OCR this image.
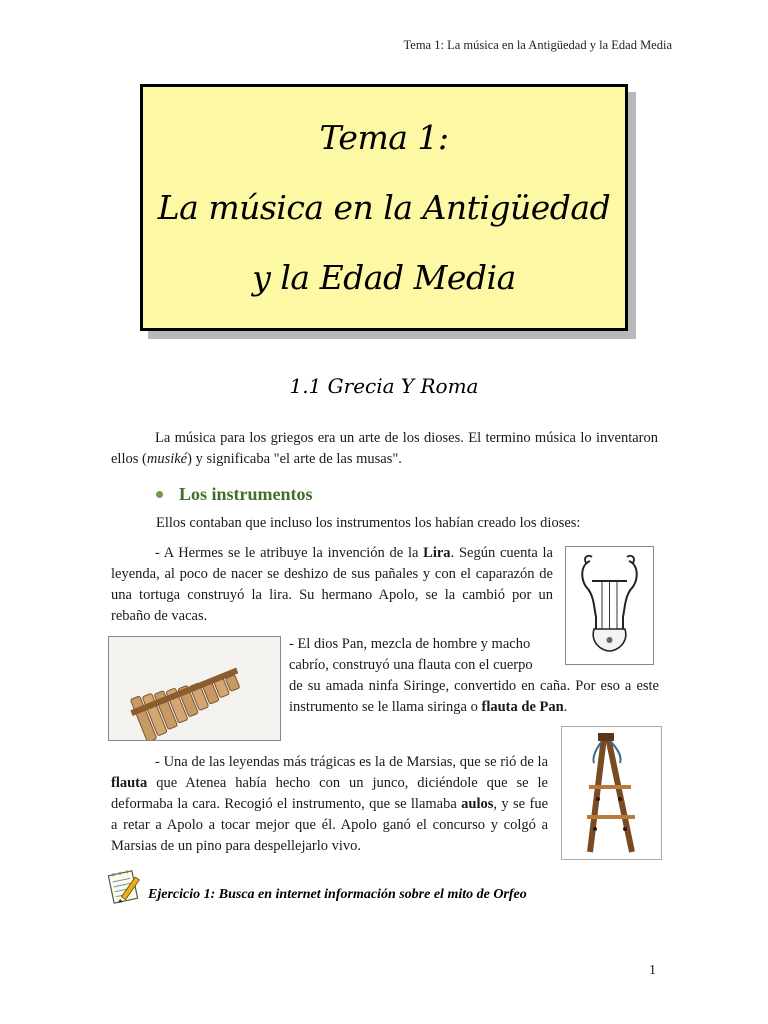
Tema 1: La música en la Antigüedad y la Edad Media
Tema 1:
La música en la Antigüedad
y la Edad Media
1.1 Grecia Y Roma
La música para los griegos era un arte de los dioses. El termino música lo inventaron ellos (musiké) y significaba "el arte de las musas".
Los instrumentos
Ellos contaban que incluso los instrumentos los habían creado los dioses:
- A Hermes se le atribuye la invención de la Lira. Según cuenta la leyenda, al poco de nacer se deshizo de sus pañales y con el caparazón de una tortuga construyó la lira. Su hermano Apolo, se la cambió por un rebaño de vacas.
- El dios Pan, mezcla de hombre y macho cabrío, construyó una flauta con el cuerpo
de su amada ninfa Siringe, convertido en caña. Por eso a este instrumento se le llama siringa o flauta de Pan.
- Una de las leyendas más trágicas es la de Marsias, que se rió de la flauta que Atenea había hecho con un junco, diciéndole que se le deformaba la cara. Recogió el instrumento, que se llamaba aulos, y se fue a retar a Apolo a tocar mejor que él. Apolo ganó el concurso y colgó a Marsias de un pino para despellejarlo vivo.
Ejercicio 1: Busca en internet información sobre el mito de Orfeo
1
